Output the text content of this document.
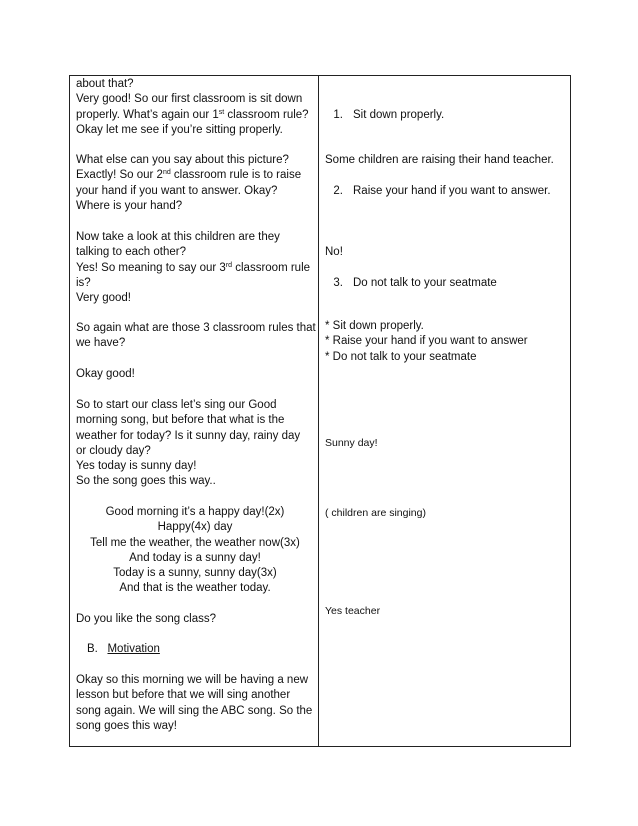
about that?
Very good! So our first classroom is sit down
properly. What’s again our 1st classroom rule?
Okay let me see if you’re sitting properly.
What else can you say about this picture?
Exactly! So our 2nd classroom rule is to raise
your hand if you want to answer. Okay?
Where is your hand?
Now take a look at this children are they
talking to each other?
Yes! So meaning to say our 3rd classroom rule
is?
Very good!
So again what are those 3 classroom rules that
we have?
Okay good!
So to start our class let’s sing our Good
morning song, but before that what is the
weather for today? Is it sunny day, rainy day
or cloudy day?
Yes today is sunny day!
So the song goes this way..
Good morning it’s a happy day!(2x)
Happy(4x) day
Tell me the weather, the weather now(3x)
And today is a sunny day!
Today is a sunny, sunny day(3x)
And that is the weather today.
Do you like the song class?
B. Motivation
Okay so this morning we will be having a new
lesson but before that we will sing another
song again. We will sing the ABC song. So the
song goes this way!
1. Sit down properly.
Some children are raising their hand teacher.
2. Raise your hand if you want to answer.
No!
3. Do not talk to your seatmate
* Sit down properly.
* Raise your hand if you want to answer
* Do not talk to your seatmate
Sunny day!
( children are singing)
Yes teacher
